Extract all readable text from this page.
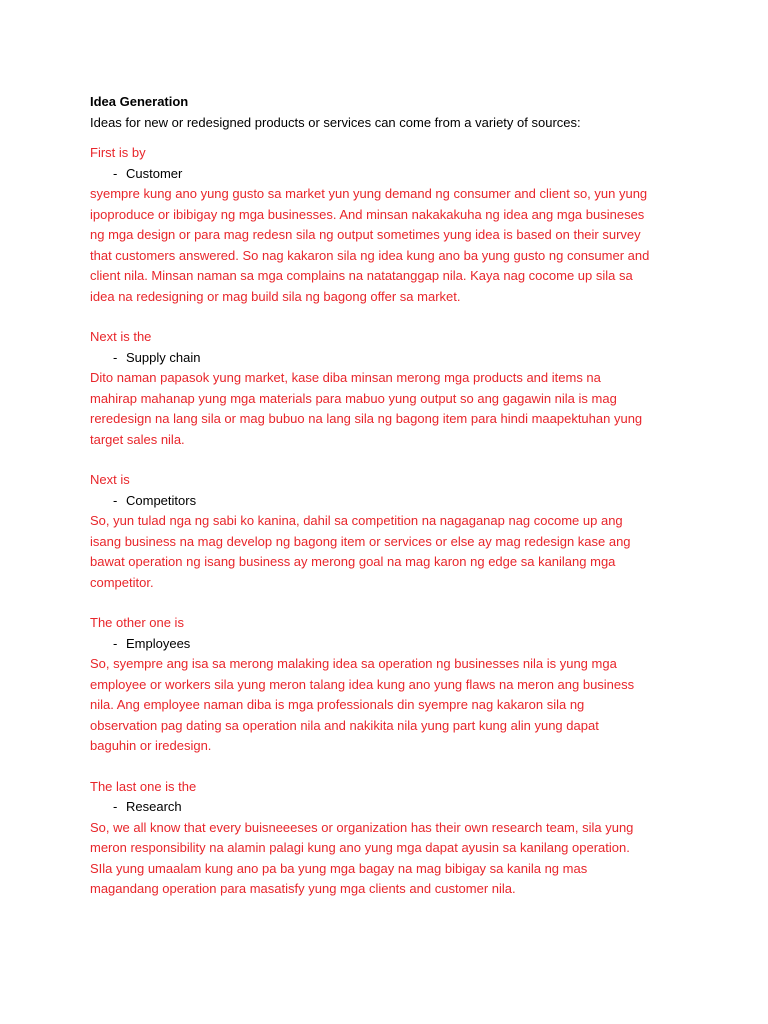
Idea Generation

Ideas for new or redesigned products or services can come from a variety of sources:

First is by

- Customer

syempre kung ano yung gusto sa market yun yung demand ng consumer and client so, yun yung

ipoproduce or ibibigay ng mga businesses. And minsan nakakakuha ng idea ang mga busineses

ng mga design or para mag redesn sila ng output sometimes yung idea is based on their survey

that customers answered. So nag kakaron sila ng idea kung ano ba yung gusto ng consumer and

client nila. Minsan naman sa mga complains na natatanggap nila. Kaya nag cocome up sila sa

idea na redesigning or mag build sila ng bagong offer sa market.

Next is the

- Supply chain

Dito naman papasok yung market, kase diba minsan merong mga products and items na

mahirap mahanap yung mga materials para mabuo yung output so ang gagawin nila is mag

reredesign na lang sila or mag bubuo na lang sila ng bagong item para hindi maapektuhan yung

target sales nila.

Next is

- Competitors

So, yun tulad nga ng sabi ko kanina, dahil sa competition na nagaganap nag cocome up ang

isang business na mag develop ng bagong item or services or else ay mag redesign kase ang

bawat operation ng isang business ay merong goal na mag karon ng edge sa kanilang mga

competitor.

The other one is

- Employees

So, syempre ang isa sa merong malaking idea sa operation ng businesses nila is yung mga

employee or workers sila yung meron talang idea kung ano yung flaws na meron ang business

nila. Ang employee naman diba is mga professionals din syempre nag kakaron sila ng

observation pag dating sa operation nila and nakikita nila yung part kung alin yung dapat

baguhin or iredesign.

The last one is the

- Research

So, we all know that every buisneeeses or organization has their own research team, sila yung

meron responsibility na alamin palagi kung ano yung mga dapat ayusin sa kanilang operation.

SIla yung umaalam kung ano pa ba yung mga bagay na mag bibigay sa kanila ng mas

magandang operation para masatisfy yung mga clients and customer nila.
